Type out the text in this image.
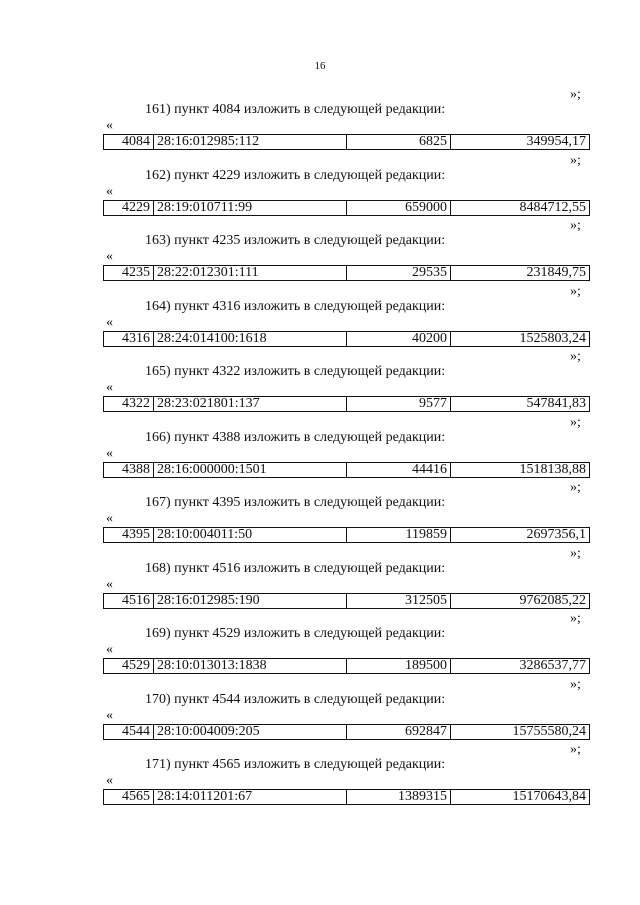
16
»;
161) пункт 4084 изложить в следующей редакции:
«
4084 28:16:012985:112	6825	349954,17
»;
162) пункт 4229 изложить в следующей редакции:
«
4229 28:19:010711:99	659000	8484712,55
»;
163) пункт 4235 изложить в следующей редакции:
«
4235 28:22:012301:111	29535	231849,75
»;
164) пункт 4316 изложить в следующей редакции:
«
4316 28:24:014100:1618	40200	1525803,24
»;
165) пункт 4322 изложить в следующей редакции:
«
4322 28:23:021801:137	9577	547841,83
»;
166) пункт 4388 изложить в следующей редакции:
«
4388 28:16:000000:1501	44416	1518138,88
»;
167) пункт 4395 изложить в следующей редакции:
«
4395 28:10:004011:50	119859	2697356,1
»;
168) пункт 4516 изложить в следующей редакции:
«
4516 28:16:012985:190	312505	9762085,22
»;
169) пункт 4529 изложить в следующей редакции:
«
4529 28:10:013013:1838	189500	3286537,77
»;
170) пункт 4544 изложить в следующей редакции:
«
4544 28:10:004009:205	692847	15755580,24
»;
171) пункт 4565 изложить в следующей редакции:
«
4565 28:14:011201:67	1389315	15170643,84
